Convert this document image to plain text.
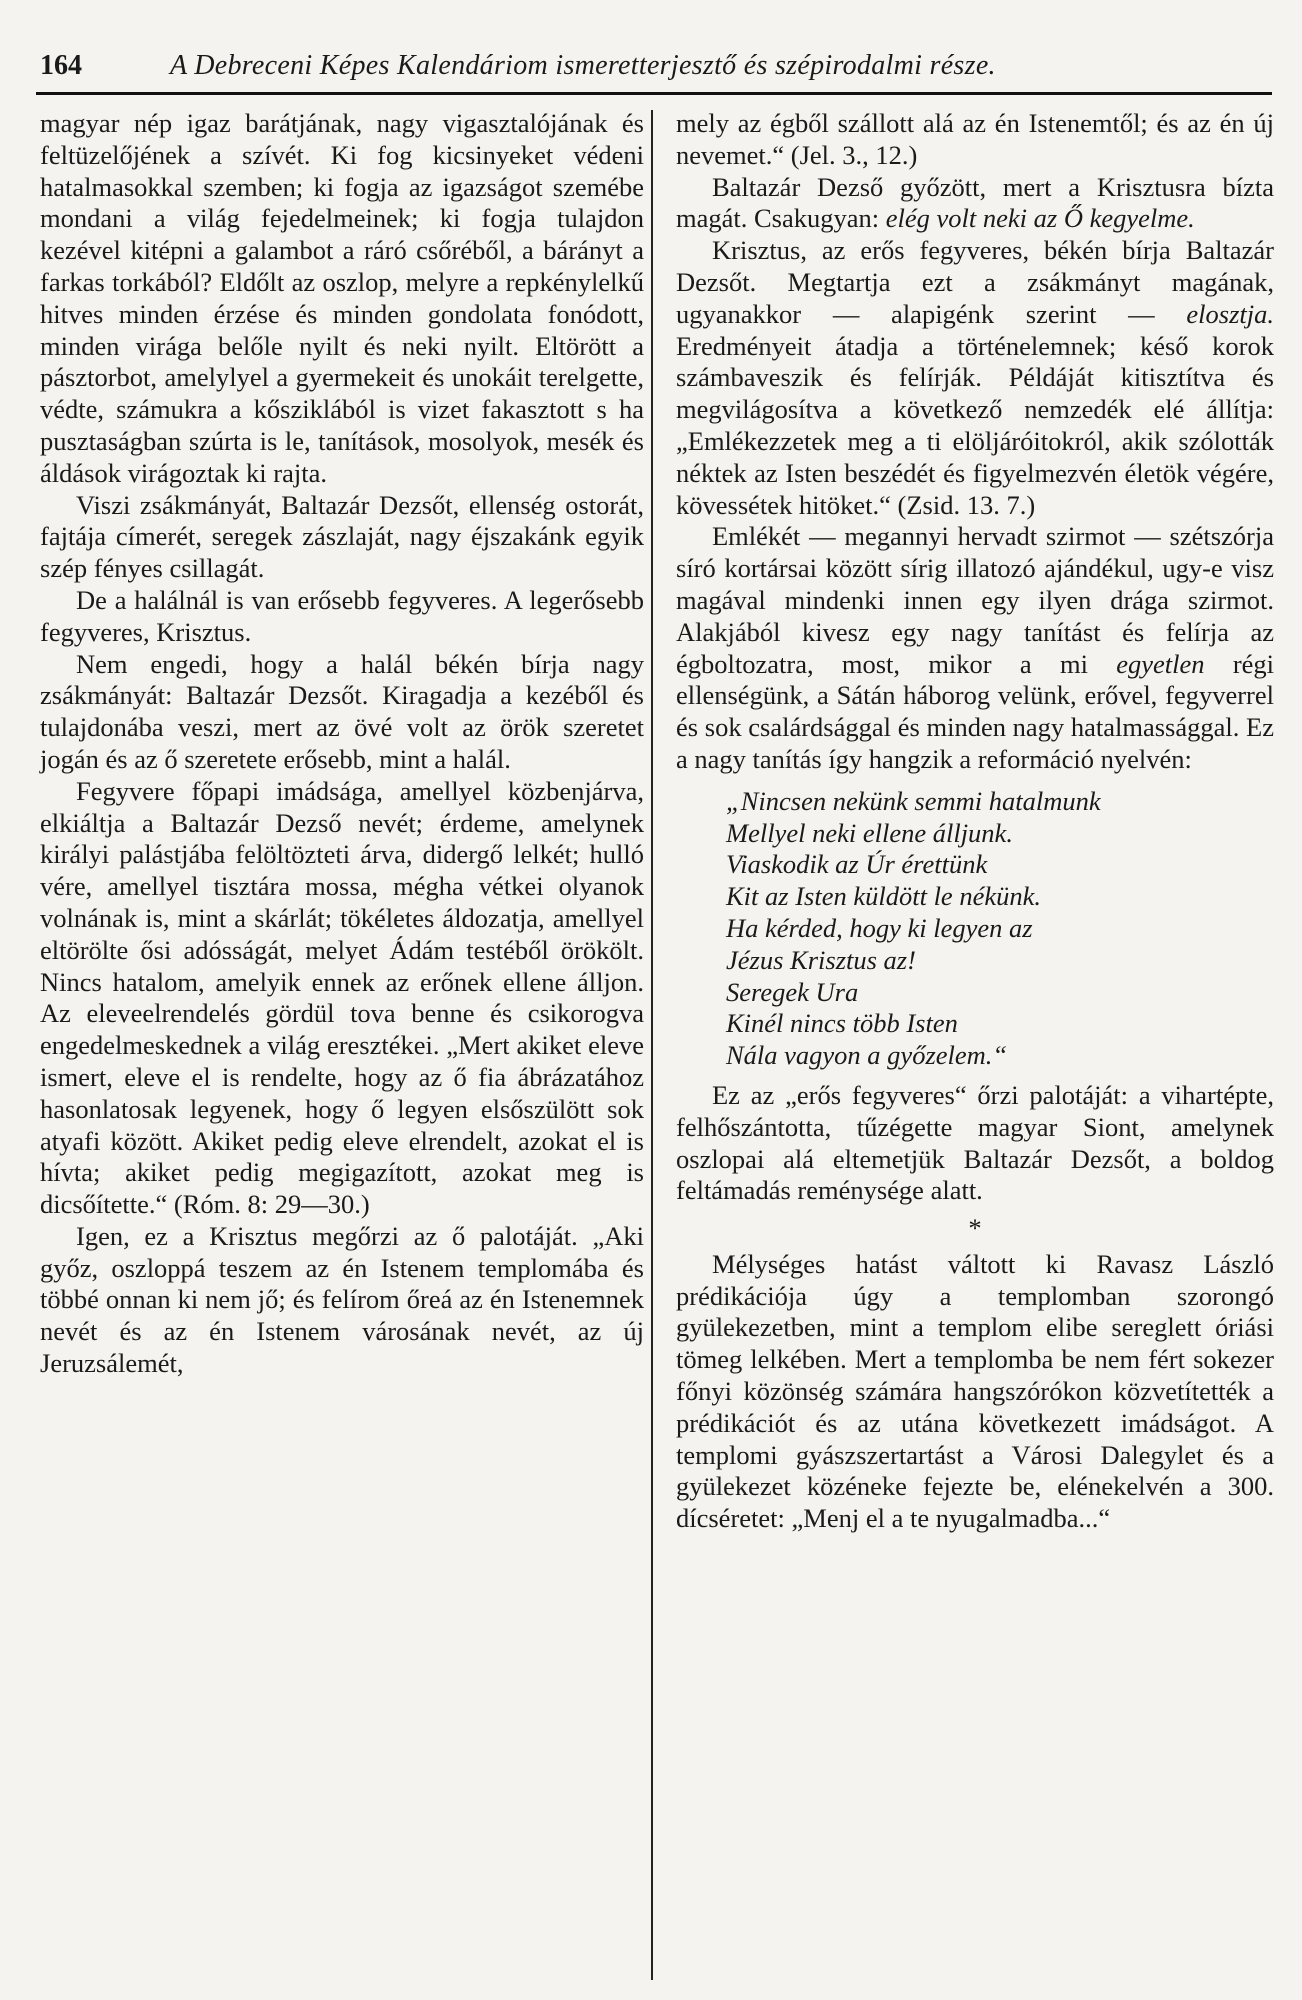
164	A Debreceni Képes Kalendáriom ismeretterjesztő és szépirodalmi része.

magyar nép igaz barátjának, nagy vigasztalójának és feltüzelőjének a szívét. Ki fog kicsinyeket védeni hatalmasokkal szemben; ki fogja az igazságot szemébe mondani a világ fejedelmeinek; ki fogja tulajdon kezével kitépni a galambot a ráró csőréből, a bárányt a farkas torkából? Eldőlt az oszlop, melyre a repkénylelkű hitves minden érzése és minden gondolata fonódott, minden virága belőle nyilt és neki nyilt. Eltörött a pásztorbot, amelylyel a gyermekeit és unokáit terelgette, védte, számukra a kősziklából is vizet fakasztott s ha pusztaságban szúrta is le, tanítások, mosolyok, mesék és áldások virágoztak ki rajta.

Viszi zsákmányát, Baltazár Dezsőt, ellenség ostorát, fajtája címerét, seregek zászlaját, nagy éjszakánk egyik szép fényes csillagát.

De a halálnál is van erősebb fegyveres. A legerősebb fegyveres, Krisztus.

Nem engedi, hogy a halál békén bírja nagy zsákmányát: Baltazár Dezsőt. Kiragadja a kezéből és tulajdonába veszi, mert az övé volt az örök szeretet jogán és az ő szeretete erősebb, mint a halál.

Fegyvere főpapi imádsága, amellyel közbenjárva, elkiáltja a Baltazár Dezső nevét; érdeme, amelynek királyi palástjába felöltözteti árva, didergő lelkét; hulló vére, amellyel tisztára mossa, mégha vétkei olyanok volnának is, mint a skárlát; tökéletes áldozatja, amellyel eltörölte ősi adósságát, melyet Ádám testéből örökölt. Nincs hatalom, amelyik ennek az erőnek ellene álljon. Az eleveelrendelés gördül tova benne és csikorogva engedelmeskednek a világ eresztékei. „Mert akiket eleve ismert, eleve el is rendelte, hogy az ő fia ábrázatához hasonlatosak legyenek, hogy ő legyen elsőszülött sok atyafi között. Akiket pedig eleve elrendelt, azokat el is hívta; akiket pedig megigazított, azokat meg is dicsőítette.“ (Róm. 8: 29—30.)

Igen, ez a Krisztus megőrzi az ő palotáját. „Aki győz, oszloppá teszem az én Istenem templomába és többé onnan ki nem jő; és felírom őreá az én Istenemnek nevét és az én Istenem városának nevét, az új Jeruzsálemét,

mely az égből szállott alá az én Istenemtől; és az én új nevemet.“ (Jel. 3., 12.)

Baltazár Dezső győzött, mert a Krisztusra bízta magát. Csakugyan: elég volt neki az Ő kegyelme.

Krisztus, az erős fegyveres, békén bírja Baltazár Dezsőt. Megtartja ezt a zsákmányt magának, ugyanakkor — alapigénk szerint — elosztja. Eredményeit átadja a történelemnek; késő korok számbaveszik és felírják. Példáját kitisztítva és megvilágosítva a következő nemzedék elé állítja: „Emlékezzetek meg a ti elöljáróitokról, akik szólották néktek az Isten beszédét és figyelmezvén életök végére, kövessétek hitöket.“ (Zsid. 13. 7.)

Emlékét — megannyi hervadt szirmot — szétszórja síró kortársai között sírig illatozó ajándékul, ugy-e visz magával mindenki innen egy ilyen drága szirmot. Alakjából kivesz egy nagy tanítást és felírja az égboltozatra, most, mikor a mi egyetlen régi ellenségünk, a Sátán háborog velünk, erővel, fegyverrel és sok csalárdsággal és minden nagy hatalmassággal. Ez a nagy tanítás így hangzik a reformáció nyelvén:

„Nincsen nekünk semmi hatalmunk
Mellyel neki ellene álljunk.
Viaskodik az Úr érettünk
Kit az Isten küldött le nékünk.
Ha kérded, hogy ki legyen az
Jézus Krisztus az!
Seregek Ura
Kinél nincs több Isten
Nála vagyon a győzelem.“

Ez az „erős fegyveres“ őrzi palotáját: a vihartépte, felhőszántotta, tűzégette magyar Siont, amelynek oszlopai alá eltemetjük Baltazár Dezsőt, a boldog feltámadás reménysége alatt.

*

Mélységes hatást váltott ki Ravasz László prédikációja úgy a templomban szorongó gyülekezetben, mint a templom elibe sereglett óriási tömeg lelkében. Mert a templomba be nem fért sokezer főnyi közönség számára hangszórókon közvetítették a prédikációt és az utána következett imádságot. A templomi gyászszertartást a Városi Dalegylet és a gyülekezet közéneke fejezte be, elénekelvén a 300. dícséretet: „Menj el a te nyugalmadba...“
